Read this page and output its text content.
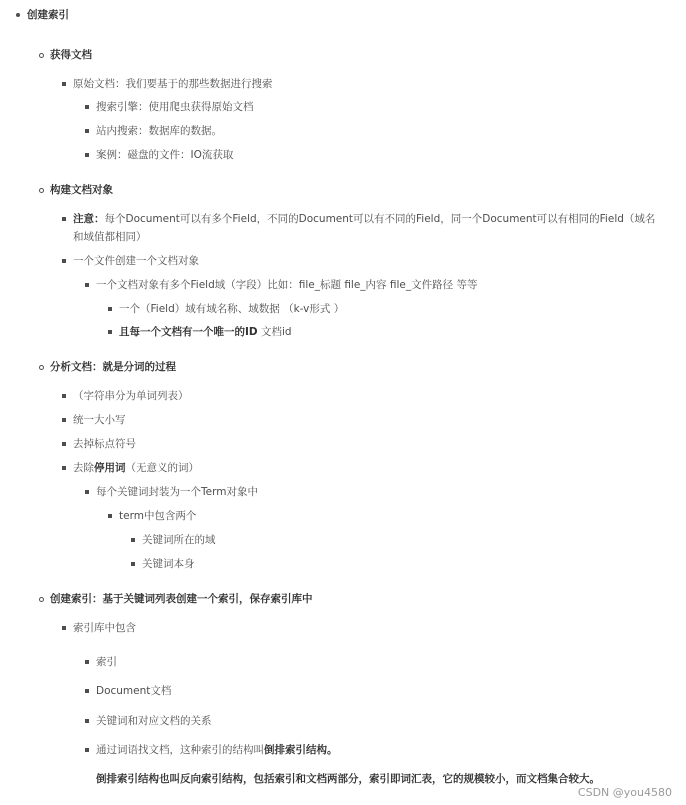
创建索引
获得文档
原始文档：我们要基于的那些数据进行搜索
搜索引擎：使用爬虫获得原始文档
站内搜索：数据库的数据。
案例：磁盘的文件：IO流获取
构建文档对象
注意：每个Document可以有多个Field，不同的Document可以有不同的Field，同一个Document可以有相同的Field（域名
和域值都相同）
一个文件创建一个文档对象
一个文档对象有多个Field域（字段）比如：file_标题 file_内容 file_文件路径 等等
一个（Field）域有域名称、域数据 （k-v形式 ）
且每一个文档有一个唯一的ID 文档id
分析文档：就是分词的过程
（字符串分为单词列表）
统一大小写
去掉标点符号
去除停用词（无意义的词）
每个关键词封装为一个Term对象中
term中包含两个
关键词所在的域
关键词本身
创建索引：基于关键词列表创建一个索引，保存索引库中
索引库中包含
索引
Document文档
关键词和对应文档的关系
通过词语找文档，这种索引的结构叫倒排索引结构。
倒排索引结构也叫反向索引结构，包括索引和文档两部分，索引即词汇表，它的规模较小，而文档集合较大。
CSDN @you4580
